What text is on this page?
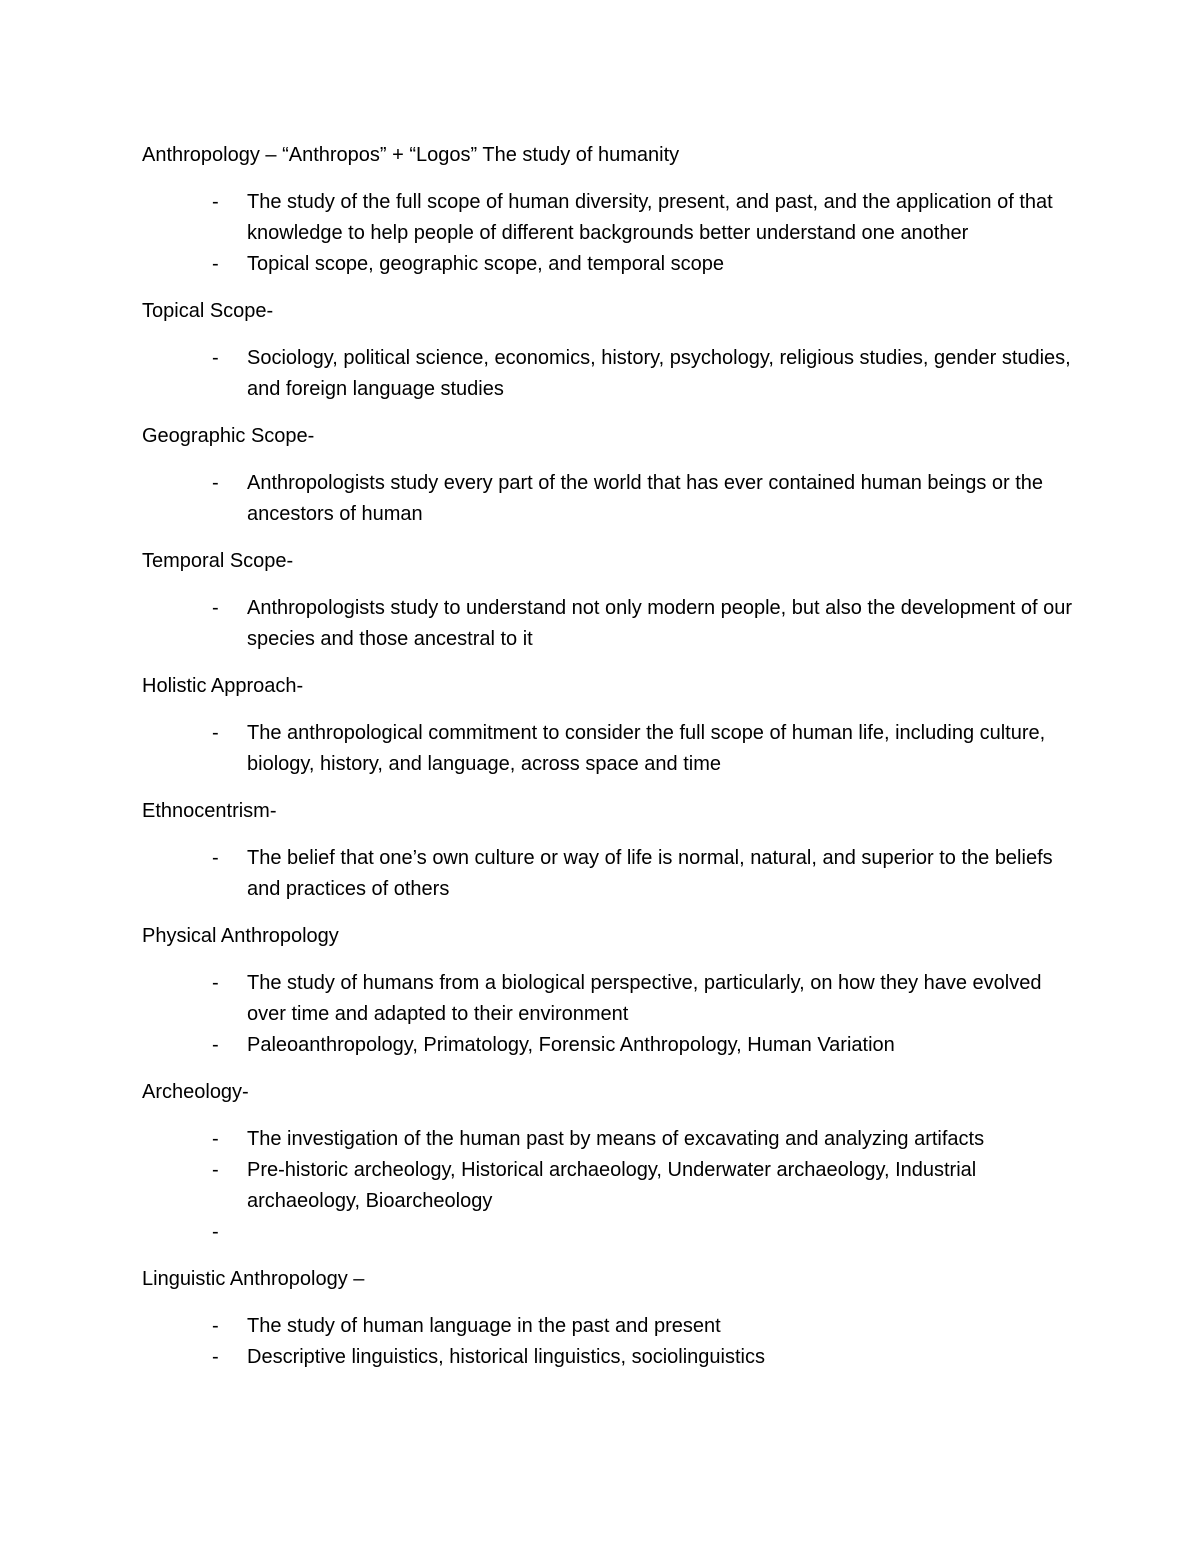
Anthropology – “Anthropos” + “Logos” The study of humanity
- The study of the full scope of human diversity, present, and past, and the application of that knowledge to help people of different backgrounds better understand one another
- Topical scope, geographic scope, and temporal scope
Topical Scope-
- Sociology, political science, economics, history, psychology, religious studies, gender studies, and foreign language studies
Geographic Scope-
- Anthropologists study every part of the world that has ever contained human beings or the ancestors of human
Temporal Scope-
- Anthropologists study to understand not only modern people, but also the development of our species and those ancestral to it
Holistic Approach-
- The anthropological commitment to consider the full scope of human life, including culture, biology, history, and language, across space and time
Ethnocentrism-
- The belief that one’s own culture or way of life is normal, natural, and superior to the beliefs and practices of others
Physical Anthropology
- The study of humans from a biological perspective, particularly, on how they have evolved over time and adapted to their environment
- Paleoanthropology, Primatology, Forensic Anthropology, Human Variation
Archeology-
- The investigation of the human past by means of excavating and analyzing artifacts
- Pre-historic archeology, Historical archaeology, Underwater archaeology, Industrial archaeology, Bioarcheology
-
Linguistic Anthropology –
- The study of human language in the past and present
- Descriptive linguistics, historical linguistics, sociolinguistics
